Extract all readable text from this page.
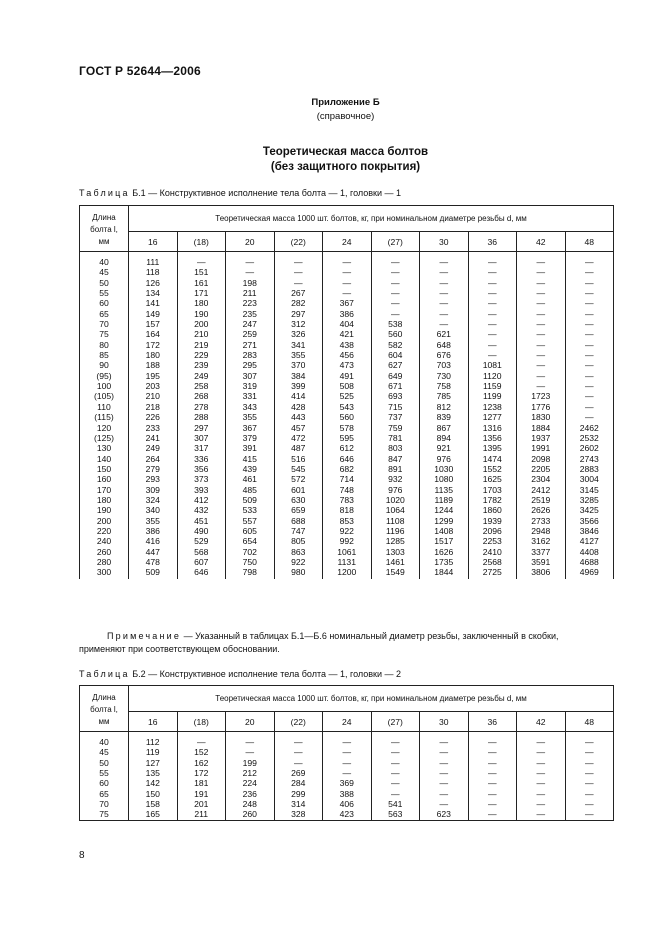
ГОСТ Р 52644—2006
Приложение Б
(справочное)
Теоретическая масса болтов
(без защитного покрытия)
Таблица Б.1 — Конструктивное исполнение тела болта — 1, головки — 1
Длина
болта l,
мм	Теоретическая масса 1000 шт. болтов, кг, при номинальном диаметре резьбы d, мм									
	16	(18)	20	(22)	24	(27)	30	36	42	48
40	111	—	—	—	—	—	—	—	—	—
45	118	151	—	—	—	—	—	—	—	—
50	126	161	198	—	—	—	—	—	—	—
55	134	171	211	267	—	—	—	—	—	—
60	141	180	223	282	367	—	—	—	—	—
65	149	190	235	297	386	—	—	—	—	—
70	157	200	247	312	404	538	—	—	—	—
75	164	210	259	326	421	560	621	—	—	—
80	172	219	271	341	438	582	648	—	—	—
85	180	229	283	355	456	604	676	—	—	—
90	188	239	295	370	473	627	703	1081	—	—
(95)	195	249	307	384	491	649	730	1120	—	—
100	203	258	319	399	508	671	758	1159	—	—
(105)	210	268	331	414	525	693	785	1199	1723	—
110	218	278	343	428	543	715	812	1238	1776	—
(115)	226	288	355	443	560	737	839	1277	1830	—
120	233	297	367	457	578	759	867	1316	1884	2462
(125)	241	307	379	472	595	781	894	1356	1937	2532
130	249	317	391	487	612	803	921	1395	1991	2602
140	264	336	415	516	646	847	976	1474	2098	2743
150	279	356	439	545	682	891	1030	1552	2205	2883
160	293	373	461	572	714	932	1080	1625	2304	3004
170	309	393	485	601	748	976	1135	1703	2412	3145
180	324	412	509	630	783	1020	1189	1782	2519	3285
190	340	432	533	659	818	1064	1244	1860	2626	3425
200	355	451	557	688	853	1108	1299	1939	2733	3566
220	386	490	605	747	922	1196	1408	2096	2948	3846
240	416	529	654	805	992	1285	1517	2253	3162	4127
260	447	568	702	863	1061	1303	1626	2410	3377	4408
280	478	607	750	922	1131	1461	1735	2568	3591	4688
300	509	646	798	980	1200	1549	1844	2725	3806	4969
Примечание — Указанный в таблицах Б.1—Б.6 номинальный диаметр резьбы, заключенный в скобки,
применяют при соответствующем обосновании.
Таблица Б.2 — Конструктивное исполнение тела болта — 1, головки — 2
Длина
болта l,
мм	Теоретическая масса 1000 шт. болтов, кг, при номинальном диаметре резьбы d, мм									
	16	(18)	20	(22)	24	(27)	30	36	42	48
40	112	—	—	—	—	—	—	—	—	—
45	119	152	—	—	—	—	—	—	—	—
50	127	162	199	—	—	—	—	—	—	—
55	135	172	212	269	—	—	—	—	—	—
60	142	181	224	284	369	—	—	—	—	—
65	150	191	236	299	388	—	—	—	—	—
70	158	201	248	314	406	541	—	—	—	—
75	165	211	260	328	423	563	623	—	—	—
8
